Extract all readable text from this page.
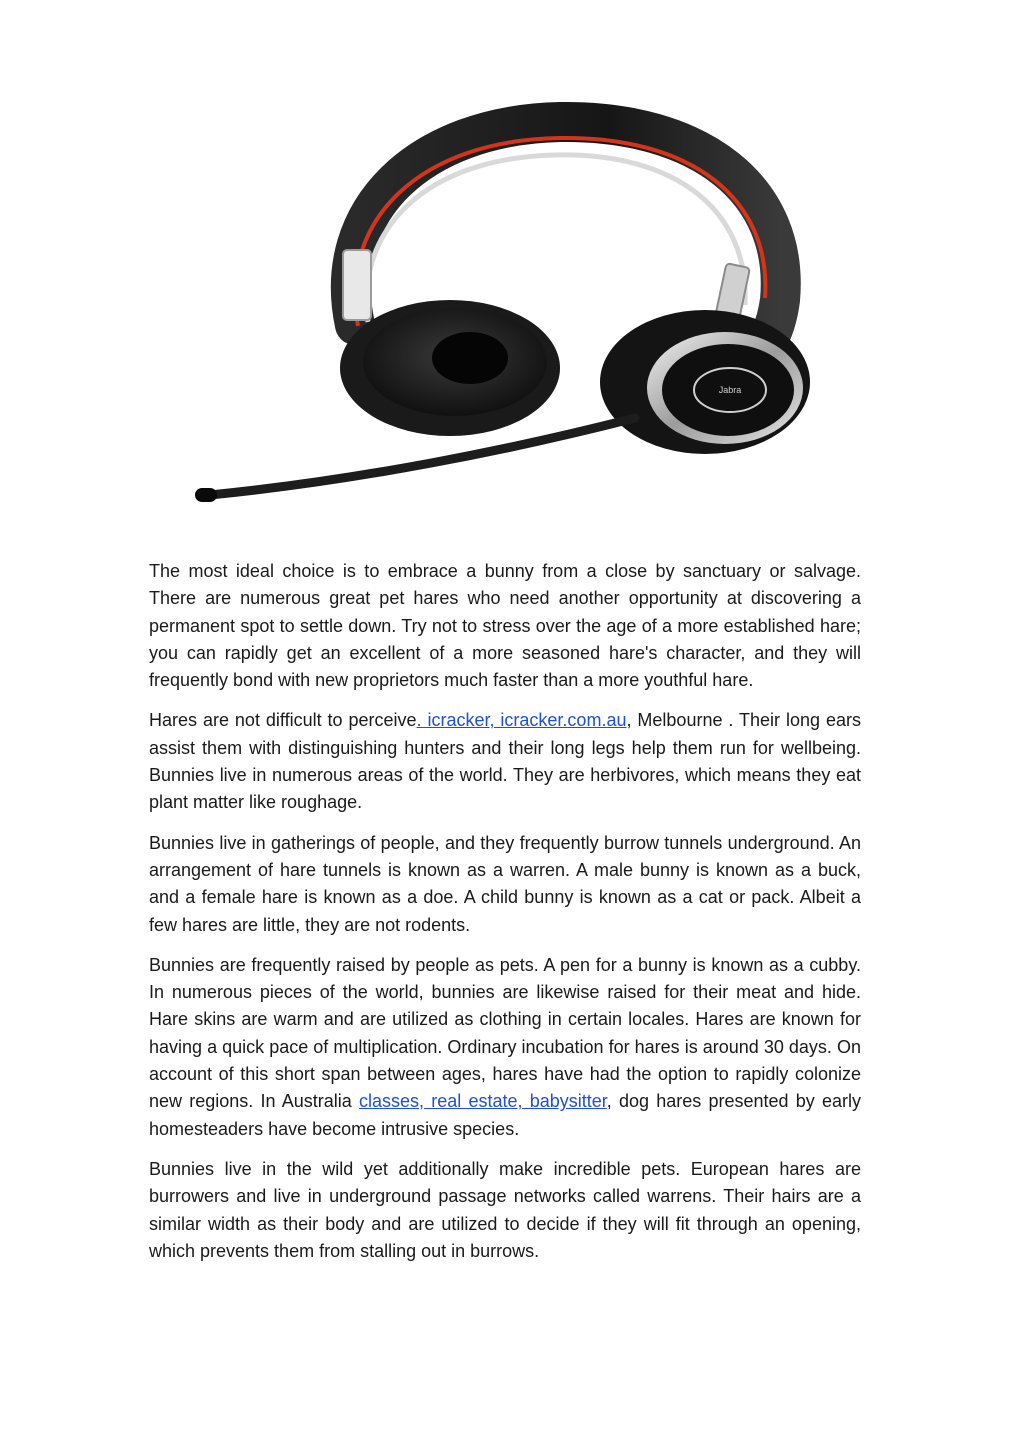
Jabra

The most ideal choice is to embrace a bunny from a close by sanctuary or salvage. There are numerous great pet hares who need another opportunity at discovering a permanent spot to settle down. Try not to stress over the age of a more established hare; you can rapidly get an excellent of a more seasoned hare's character, and they will frequently bond with new proprietors much faster than a more youthful hare.

Hares are not difficult to perceive. icracker, icracker.com.au, Melbourne . Their long ears assist them with distinguishing hunters and their long legs help them run for wellbeing. Bunnies live in numerous areas of the world. They are herbivores, which means they eat plant matter like roughage.

Bunnies live in gatherings of people, and they frequently burrow tunnels underground. An arrangement of hare tunnels is known as a warren. A male bunny is known as a buck, and a female hare is known as a doe. A child bunny is known as a cat or pack. Albeit a few hares are little, they are not rodents.

Bunnies are frequently raised by people as pets. A pen for a bunny is known as a cubby. In numerous pieces of the world, bunnies are likewise raised for their meat and hide. Hare skins are warm and are utilized as clothing in certain locales. Hares are known for having a quick pace of multiplication. Ordinary incubation for hares is around 30 days. On account of this short span between ages, hares have had the option to rapidly colonize new regions. In Australia classes, real estate, babysitter, dog hares presented by early homesteaders have become intrusive species.

Bunnies live in the wild yet additionally make incredible pets. European hares are burrowers and live in underground passage networks called warrens. Their hairs are a similar width as their body and are utilized to decide if they will fit through an opening, which prevents them from stalling out in burrows.
